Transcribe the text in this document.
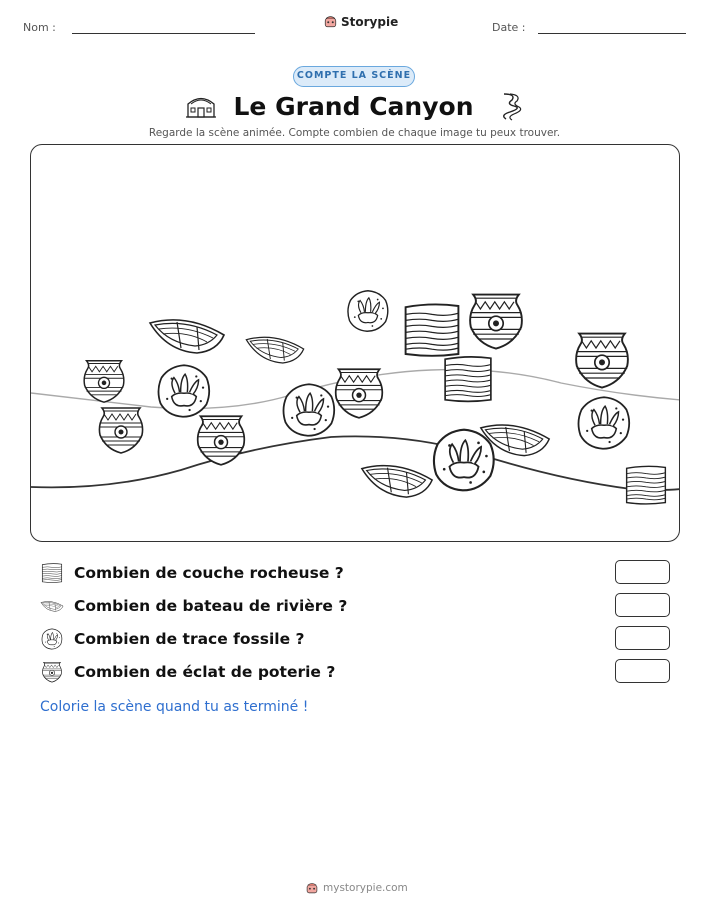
Nom :	Storypie	Date :
COMPTE LA SCÈNE
Le Grand Canyon
Regarde la scène animée. Compte combien de chaque image tu peux trouver.
Combien de couche rocheuse ?
Combien de bateau de rivière ?
Combien de trace fossile ?
Combien de éclat de poterie ?
Colorie la scène quand tu as terminé !
mystorypie.com
